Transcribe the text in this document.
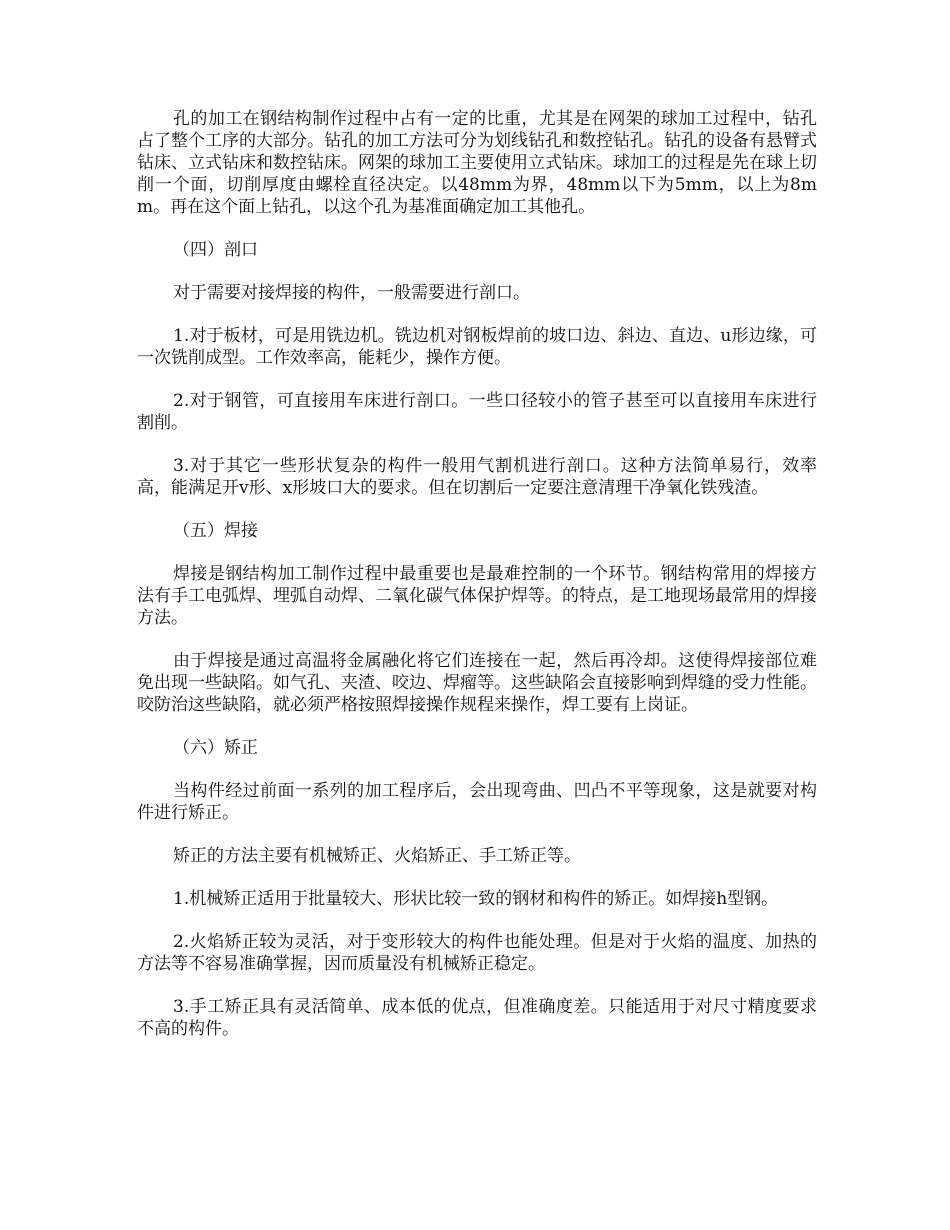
孔的加工在钢结构制作过程中占有一定的比重，尤其是在网架的球加工过程中，钻孔占了整个工序的大部分。钻孔的加工方法可分为划线钻孔和数控钻孔。钻孔的设备有悬臂式钻床、立式钻床和数控钻床。网架的球加工主要使用立式钻床。球加工的过程是先在球上切削一个面，切削厚度由螺栓直径决定。以48mm为界，48mm以下为5mm，以上为8mm。再在这个面上钻孔，以这个孔为基准面确定加工其他孔。

（四）剖口

对于需要对接焊接的构件，一般需要进行剖口。

1.对于板材，可是用铣边机。铣边机对钢板焊前的坡口边、斜边、直边、u形边缘，可一次铣削成型。工作效率高，能耗少，操作方便。

2.对于钢管，可直接用车床进行剖口。一些口径较小的管子甚至可以直接用车床进行割削。

3.对于其它一些形状复杂的构件一般用气割机进行剖口。这种方法简单易行，效率高，能满足开v形、x形坡口大的要求。但在切割后一定要注意清理干净氧化铁残渣。

（五）焊接

焊接是钢结构加工制作过程中最重要也是最难控制的一个环节。钢结构常用的焊接方法有手工电弧焊、埋弧自动焊、二氧化碳气体保护焊等。的特点，是工地现场最常用的焊接方法。

由于焊接是通过高温将金属融化将它们连接在一起，然后再冷却。这使得焊接部位难免出现一些缺陷。如气孔、夹渣、咬边、焊瘤等。这些缺陷会直接影响到焊缝的受力性能。咬防治这些缺陷，就必须严格按照焊接操作规程来操作，焊工要有上岗证。

（六）矫正

当构件经过前面一系列的加工程序后，会出现弯曲、凹凸不平等现象，这是就要对构件进行矫正。

矫正的方法主要有机械矫正、火焰矫正、手工矫正等。

1.机械矫正适用于批量较大、形状比较一致的钢材和构件的矫正。如焊接h型钢。

2.火焰矫正较为灵活，对于变形较大的构件也能处理。但是对于火焰的温度、加热的方法等不容易准确掌握，因而质量没有机械矫正稳定。

3.手工矫正具有灵活简单、成本低的优点，但准确度差。只能适用于对尺寸精度要求不高的构件。
